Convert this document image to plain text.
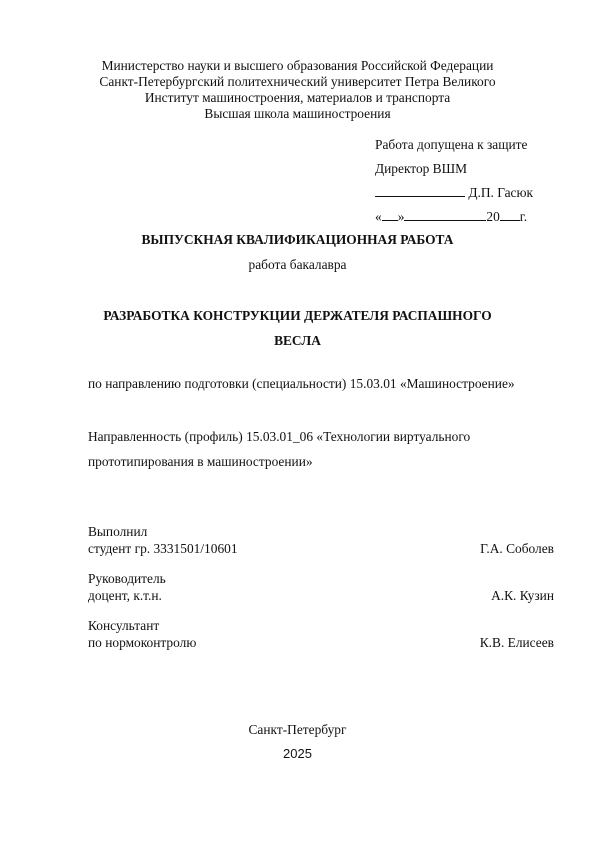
Министерство науки и высшего образования Российской Федерации
Санкт-Петербургский политехнический университет Петра Великого
Институт машиностроения, материалов и транспорта
Высшая школа машиностроения
Работа допущена к защите
Директор ВШМ
Д.П. Гасюк
« »	20 г.
ВЫПУСКНАЯ КВАЛИФИКАЦИОННАЯ РАБОТА
работа бакалавра
РАЗРАБОТКА КОНСТРУКЦИИ ДЕРЖАТЕЛЯ РАСПАШНОГО
ВЕСЛА
по направлению подготовки (специальности) 15.03.01 «Машиностроение»
Направленность (профиль) 15.03.01_06 «Технологии виртуального
прототипирования в машиностроении»
Выполнил
студент гр. 3331501/10601	Г.А. Соболев
Руководитель
доцент, к.т.н.	А.К. Кузин
Консультант
по нормоконтролю	К.В. Елисеев
Санкт-Петербург
2025
